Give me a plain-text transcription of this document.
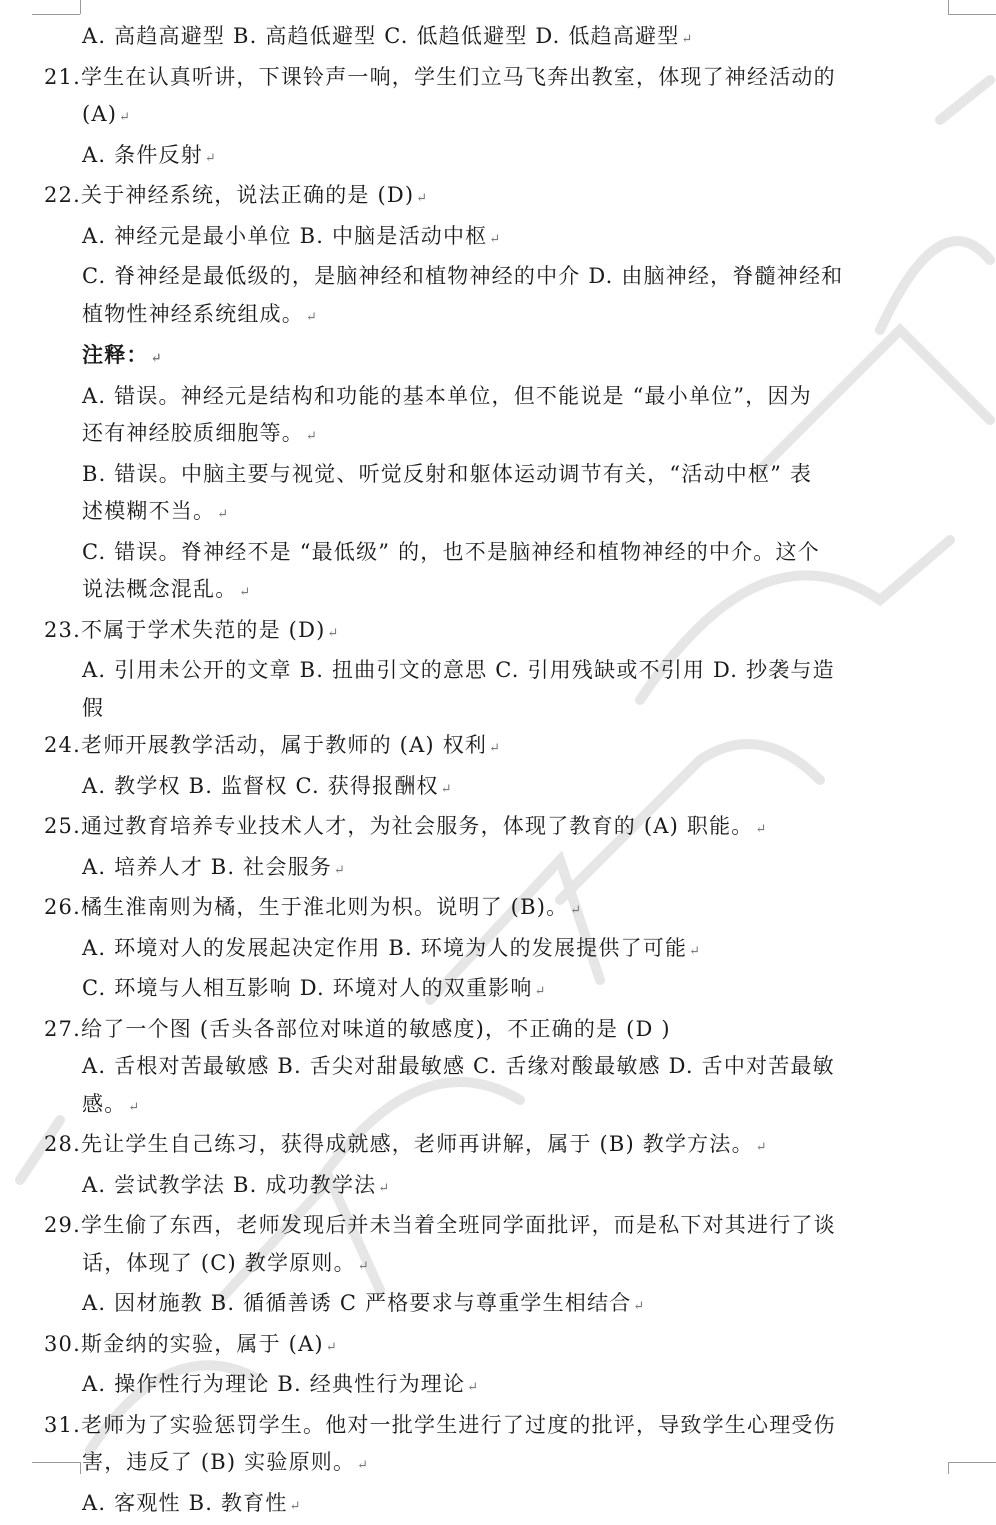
A. 高趋高避型 B. 高趋低避型 C. 低趋低避型 D. 低趋高避型 ↵
21.学生在认真听讲，下课铃声一响，学生们立马飞奔出教室，体现了神经活动的
(A) ↵
A. 条件反射 ↵
22.关于神经系统，说法正确的是 (D) ↵
A. 神经元是最小单位 B. 中脑是活动中枢 ↵
C. 脊神经是最低级的，是脑神经和植物神经的中介 D. 由脑神经，脊髓神经和
植物性神经系统组成。 ↵
注释： ↵
A. 错误。神经元是结构和功能的基本单位，但不能说是 “最小单位”，因为
还有神经胶质细胞等。 ↵
B. 错误。中脑主要与视觉、听觉反射和躯体运动调节有关，“活动中枢” 表
述模糊不当。 ↵
C. 错误。脊神经不是 “最低级” 的，也不是脑神经和植物神经的中介。这个
说法概念混乱。 ↵
23.不属于学术失范的是 (D) ↵
A. 引用未公开的文章 B. 扭曲引文的意思 C. 引用残缺或不引用 D. 抄袭与造
假
24.老师开展教学活动，属于教师的 (A) 权利 ↵
A. 教学权 B. 监督权 C. 获得报酬权 ↵
25.通过教育培养专业技术人才，为社会服务，体现了教育的 (A) 职能。 ↵
A. 培养人才 B. 社会服务 ↵
26.橘生淮南则为橘，生于淮北则为枳。说明了 (B)。 ↵
A. 环境对人的发展起决定作用 B. 环境为人的发展提供了可能 ↵
C. 环境与人相互影响 D. 环境对人的双重影响 ↵
27.给了一个图 (舌头各部位对味道的敏感度)，不正确的是 (D )
A. 舌根对苦最敏感 B. 舌尖对甜最敏感 C. 舌缘对酸最敏感 D. 舌中对苦最敏
感。 ↵
28.先让学生自己练习，获得成就感，老师再讲解，属于 (B) 教学方法。 ↵
A. 尝试教学法 B. 成功教学法 ↵
29.学生偷了东西，老师发现后并未当着全班同学面批评，而是私下对其进行了谈
话，体现了 (C) 教学原则。 ↵
A. 因材施教 B. 循循善诱 C 严格要求与尊重学生相结合 ↵
30.斯金纳的实验，属于 (A) ↵
A. 操作性行为理论 B. 经典性行为理论 ↵
31.老师为了实验惩罚学生。他对一批学生进行了过度的批评，导致学生心理受伤
害，违反了 (B) 实验原则。 ↵
A. 客观性 B. 教育性 ↵
